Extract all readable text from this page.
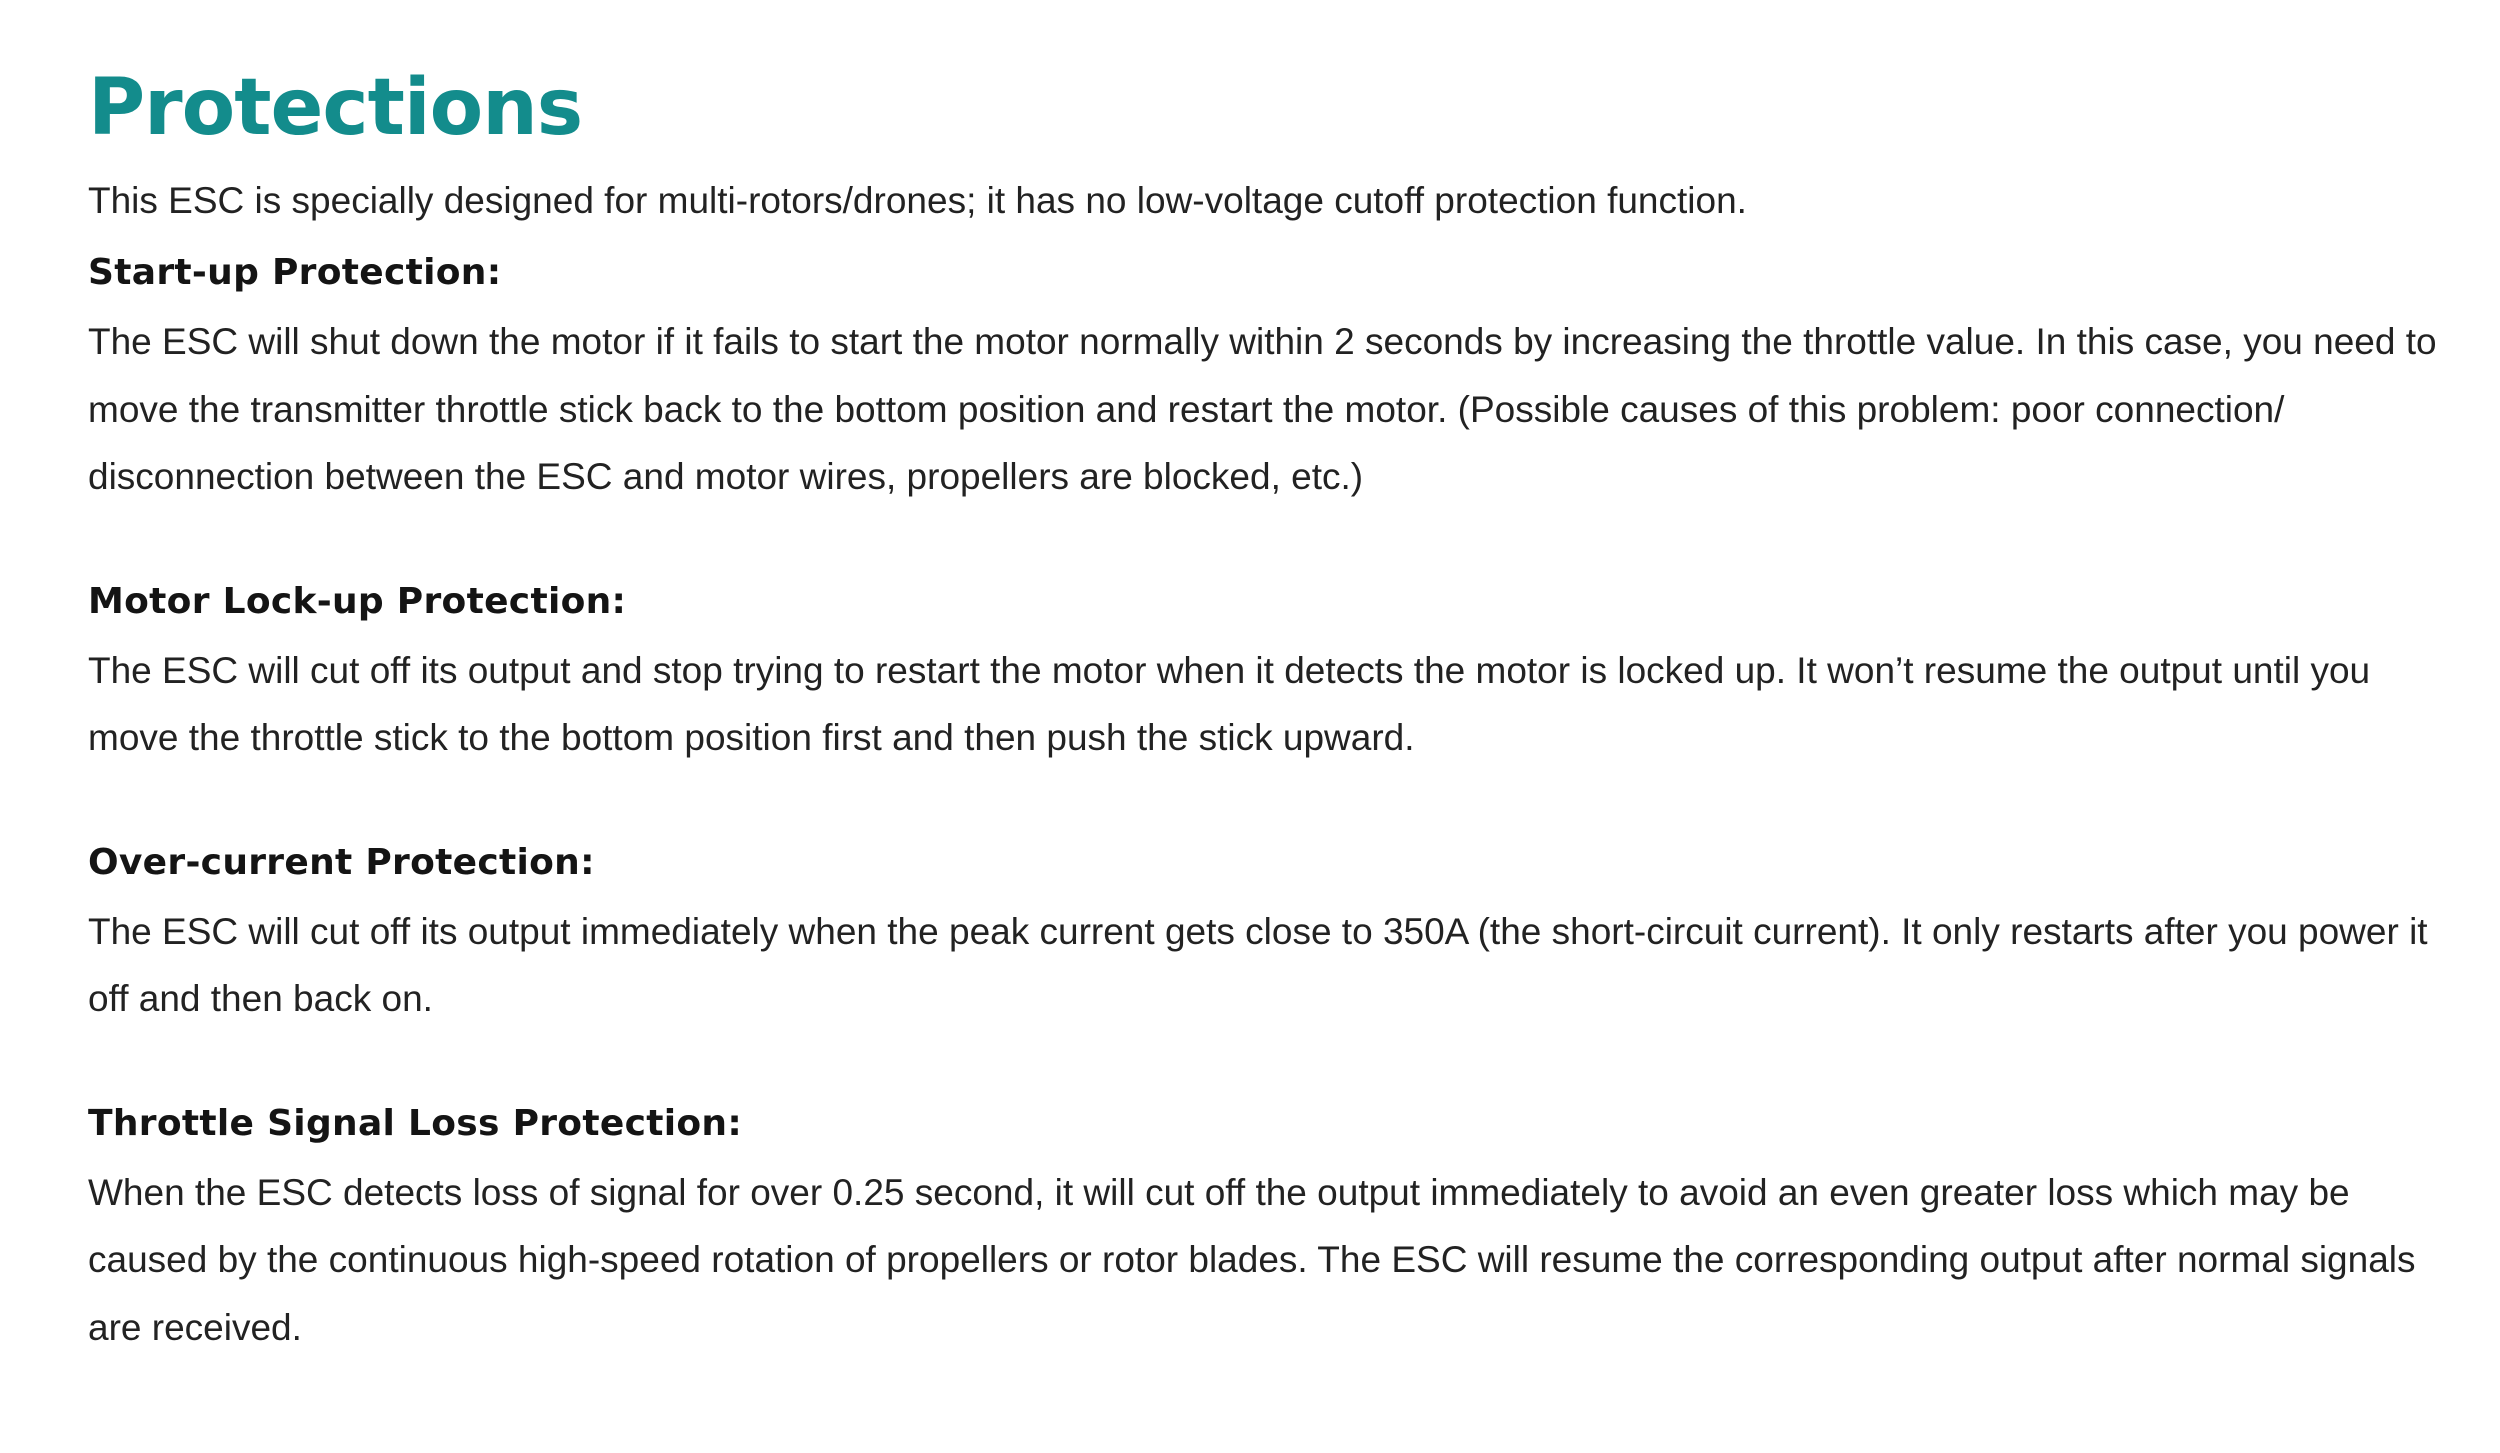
Protections

This ESC is specially designed for multi-rotors/drones; it has no low-voltage cutoff protection function.

Start-up Protection:

The ESC will shut down the motor if it fails to start the motor normally within 2 seconds by increasing the throttle value. In this case, you need to move the transmitter throttle stick back to the bottom position and restart the motor. (Possible causes of this problem: poor connection/ disconnection between the ESC and motor wires, propellers are blocked, etc.)

Motor Lock-up Protection:

The ESC will cut off its output and stop trying to restart the motor when it detects the motor is locked up. It won’t resume the output until you move the throttle stick to the bottom position first and then push the stick upward.

Over-current Protection:

The ESC will cut off its output immediately when the peak current gets close to 350A (the short-circuit current). It only restarts after you power it off and then back on.

Throttle Signal Loss Protection:

When the ESC detects loss of signal for over 0.25 second, it will cut off the output immediately to avoid an even greater loss which may be caused by the continuous high-speed rotation of propellers or rotor blades. The ESC will resume the corresponding output after normal signals are received.
